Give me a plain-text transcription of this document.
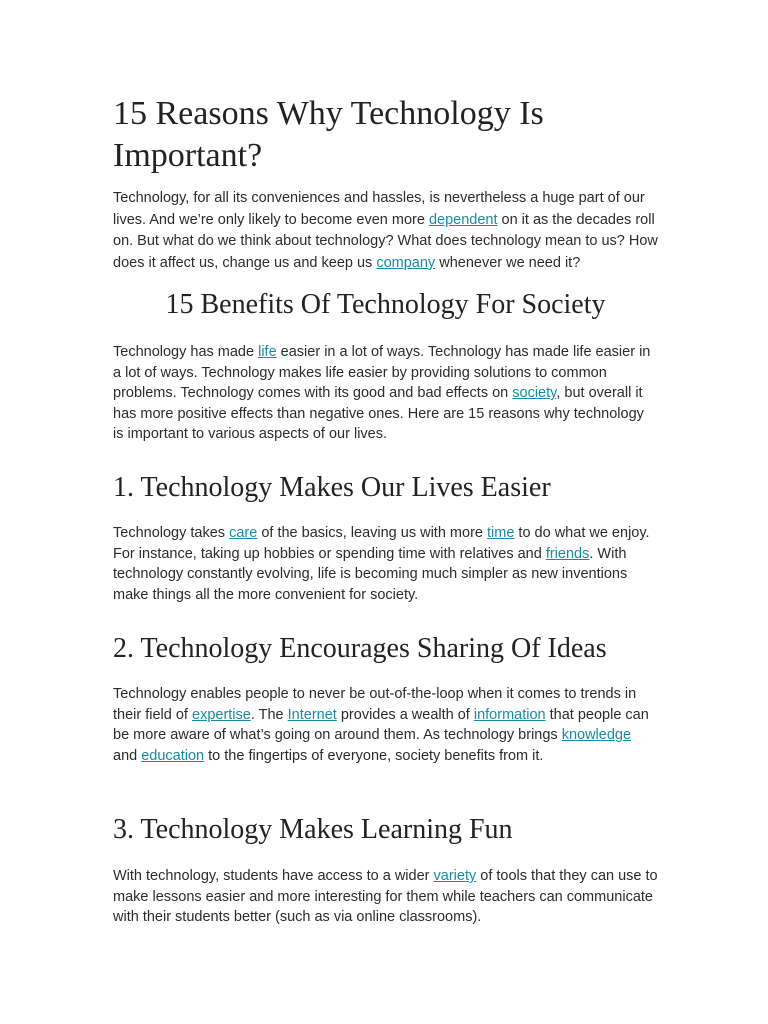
15 Reasons Why Technology Is Important?

Technology, for all its conveniences and hassles, is nevertheless a huge part of our lives. And we’re only likely to become even more dependent on it as the decades roll on. But what do we think about technology? What does technology mean to us? How does it affect us, change us and keep us company whenever we need it?

15 Benefits Of Technology For Society

Technology has made life easier in a lot of ways. Technology has made life easier in a lot of ways. Technology makes life easier by providing solutions to common problems. Technology comes with its good and bad effects on society, but overall it has more positive effects than negative ones. Here are 15 reasons why technology is important to various aspects of our lives.

1. Technology Makes Our Lives Easier

Technology takes care of the basics, leaving us with more time to do what we enjoy. For instance, taking up hobbies or spending time with relatives and friends. With technology constantly evolving, life is becoming much simpler as new inventions make things all the more convenient for society.

2. Technology Encourages Sharing Of Ideas

Technology enables people to never be out-of-the-loop when it comes to trends in their field of expertise. The Internet provides a wealth of information that people can be more aware of what’s going on around them. As technology brings knowledge and education to the fingertips of everyone, society benefits from it.

3. Technology Makes Learning Fun

With technology, students have access to a wider variety of tools that they can use to make lessons easier and more interesting for them while teachers can communicate with their students better (such as via online classrooms).
